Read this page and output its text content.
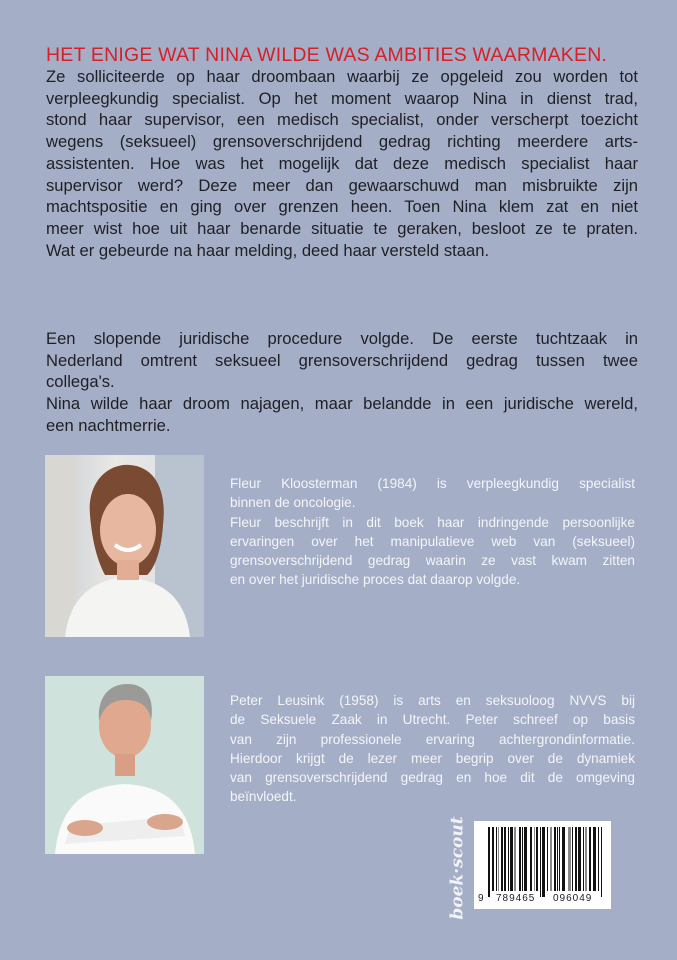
HET ENIGE WAT NINA WILDE WAS AMBITIES WAARMAKEN.
Ze solliciteerde op haar droombaan waarbij ze opgeleid zou worden tot
verpleegkundig specialist. Op het moment waarop Nina in dienst trad,
stond haar supervisor, een medisch specialist, onder verscherpt toezicht
wegens (seksueel) grensoverschrijdend gedrag richting meerdere arts-
assistenten. Hoe was het mogelijk dat deze medisch specialist haar
supervisor werd? Deze meer dan gewaarschuwd man misbruikte zijn
machtspositie en ging over grenzen heen. Toen Nina klem zat en niet
meer wist hoe uit haar benarde situatie te geraken, besloot ze te praten.
Wat er gebeurde na haar melding, deed haar versteld staan.
Een slopende juridische procedure volgde. De eerste tuchtzaak in
Nederland omtrent seksueel grensoverschrijdend gedrag tussen twee
collega's.
Nina wilde haar droom najagen, maar belandde in een juridische wereld,
een nachtmerrie.
Fleur Kloosterman (1984) is verpleegkundig specialist
binnen de oncologie.
Fleur beschrijft in dit boek haar indringende persoonlijke
ervaringen over het manipulatieve web van (seksueel)
grensoverschrijdend gedrag waarin ze vast kwam zitten
en over het juridische proces dat daarop volgde.
Peter Leusink (1958) is arts en seksuoloog NVVS bij
de Seksuele Zaak in Utrecht. Peter schreef op basis
van zijn professionele ervaring achtergrondinformatie.
Hierdoor krijgt de lezer meer begrip over de dynamiek
van grensoverschrijdend gedrag en hoe dit de omgeving
beïnvloedt.
boek·scout 9 789465 096049
